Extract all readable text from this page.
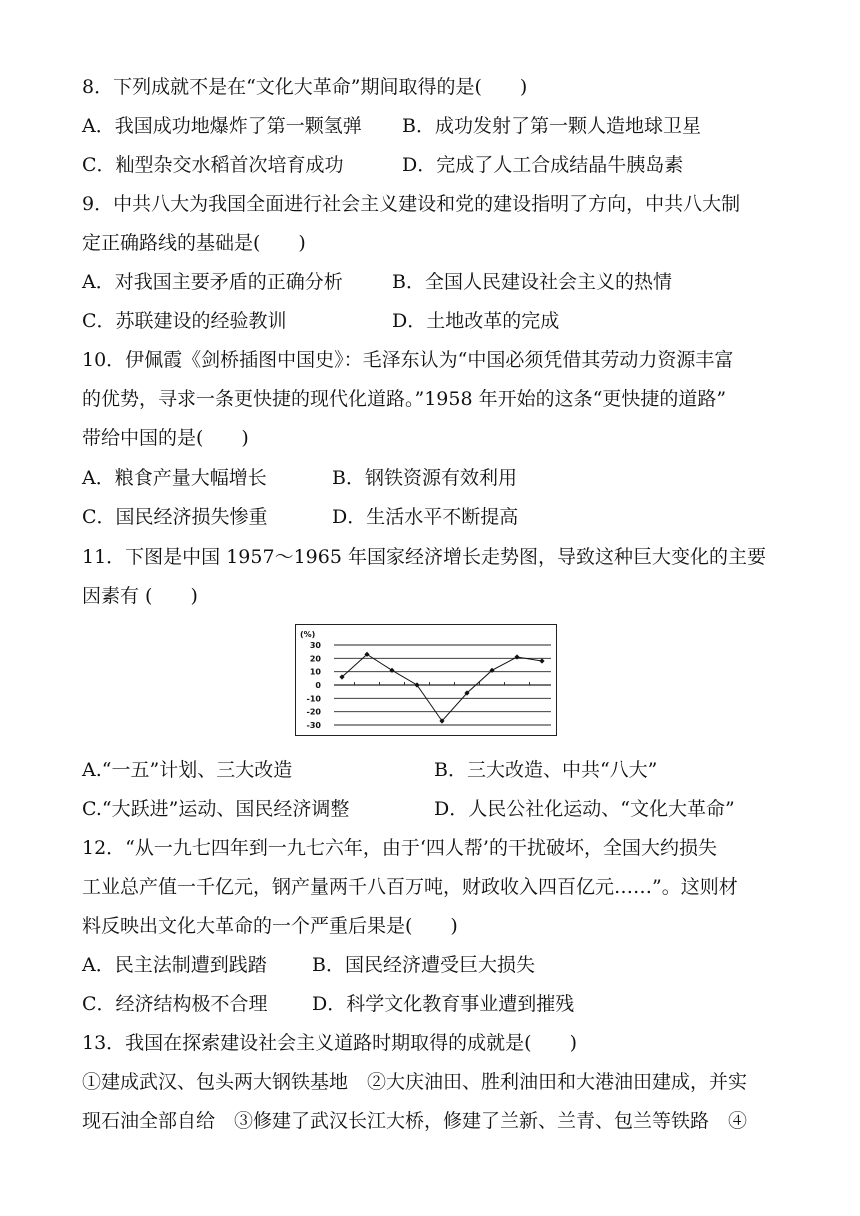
8．下列成就不是在“文化大革命”期间取得的是(　　)
A．我国成功地爆炸了第一颗氢弹 B．成功发射了第一颗人造地球卫星
C．籼型杂交水稻首次培育成功	D．完成了人工合成结晶牛胰岛素
9．中共八大为我国全面进行社会主义建设和党的建设指明了方向，中共八大制
定正确路线的基础是(　　)
A．对我国主要矛盾的正确分析	B．全国人民建设社会主义的热情
C．苏联建设的经验教训	D．土地改革的完成
10．伊佩霞《剑桥插图中国史》：毛泽东认为“中国必须凭借其劳动力资源丰富
的优势，寻求一条更快捷的现代化道路。”1958 年开始的这条“更快捷的道路”
带给中国的是(　　)
A．粮食产量大幅增长	B．钢铁资源有效利用
C．国民经济损失惨重	D．生活水平不断提高
11．下图是中国 1957～1965 年国家经济增长走势图，导致这种巨大变化的主要
因素有 (　　)
(%)
30
20
10
0
-10
-20
-30
A.“一五”计划、三大改造	B．三大改造、中共“八大”
C.“大跃进”运动、国民经济调整	D．人民公社化运动、“文化大革命”
12．“从一九七四年到一九七六年，由于‘四人帮’的干扰破坏，全国大约损失
工业总产值一千亿元，钢产量两千八百万吨，财政收入四百亿元……”。这则材
料反映出文化大革命的一个严重后果是(　　)
A．民主法制遭到践踏 B．国民经济遭受巨大损失
C．经济结构极不合理 D．科学文化教育事业遭到摧残
13．我国在探索建设社会主义道路时期取得的成就是(　　)
①建成武汉、包头两大钢铁基地　②大庆油田、胜利油田和大港油田建成，并实
现石油全部自给　③修建了武汉长江大桥，修建了兰新、兰青、包兰等铁路　④
